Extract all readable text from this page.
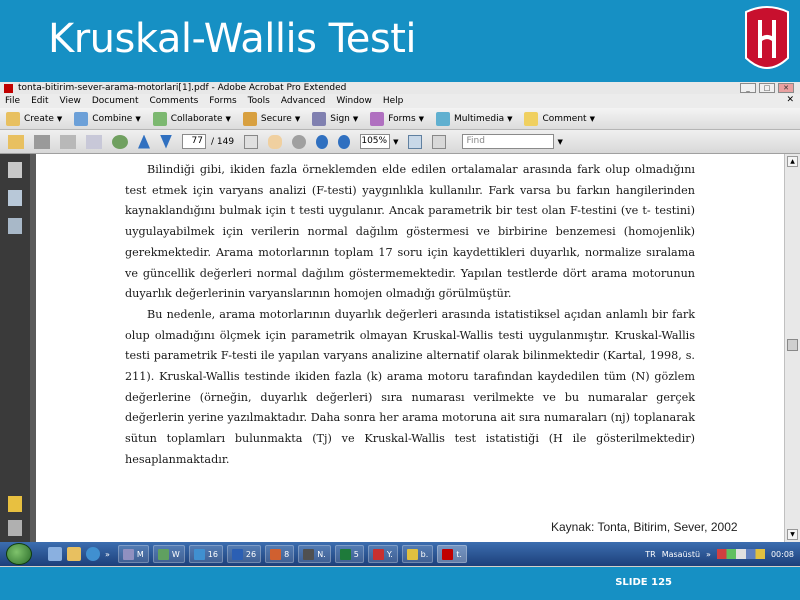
Kruskal-Wallis Testi
tonta-bitirim-sever-arama-motorlari[1].pdf - Adobe Acrobat Pro Extended	_	□	✕
File Edit View Document Comments Forms Tools Advanced Window Help	✕
Create ▼	Combine ▼	Collaborate ▼	Secure ▼	Sign ▼	Forms ▼	Multimedia ▼	Comment ▼
77 / 149	105% ▼	Find	▼
▲
▼

Bilindiği gibi, ikiden fazla örneklemden elde edilen ortalamalar arasında fark olup olmadığını test etmek için varyans analizi (F-testi) yaygınlıkla kullanılır. Fark varsa bu farkın hangilerinden kaynaklandığını bulmak için t testi uygulanır. Ancak parametrik bir test olan F-testini (ve t- testini) uygulayabilmek için verilerin normal dağılım göstermesi ve birbirine benzemesi (homojenlik) gerekmektedir. Arama motorlarının toplam 17 soru için kaydettikleri duyarlık, normalize sıralama ve güncellik değerleri normal dağılım göstermemektedir. Yapılan testlerde dört arama motorunun duyarlık değerlerinin varyanslarının homojen olmadığı görülmüştür.

Bu nedenle, arama motorlarının duyarlık değerleri arasında istatistiksel açıdan anlamlı bir fark olup olmadığını ölçmek için parametrik olmayan Kruskal-Wallis testi uygulanmıştır. Kruskal-Wallis testi parametrik F-testi ile yapılan varyans analizine alternatif olarak bilinmektedir (Kartal, 1998, s. 211). Kruskal-Wallis testinde ikiden fazla (k) arama motoru tarafından kaydedilen tüm (N) gözlem değerlerine (örneğin, duyarlık değerleri) sıra numarası verilmekte ve bu numaralar gerçek değerlerin yerine yazılmaktadır. Daha sonra her arama motoruna ait sıra numaraları (nj) toplanarak sütun toplamları bulunmakta (Tj) ve Kruskal-Wallis test istatistiği (H ile gösterilmektedir) hesaplanmaktadır.

Kaynak: Tonta, Bitirim, Sever, 2002
»	M	W	16	26	8	N.	5	Y.	b.	t.	TR Masaüstü »	00:08
SLIDE 125
